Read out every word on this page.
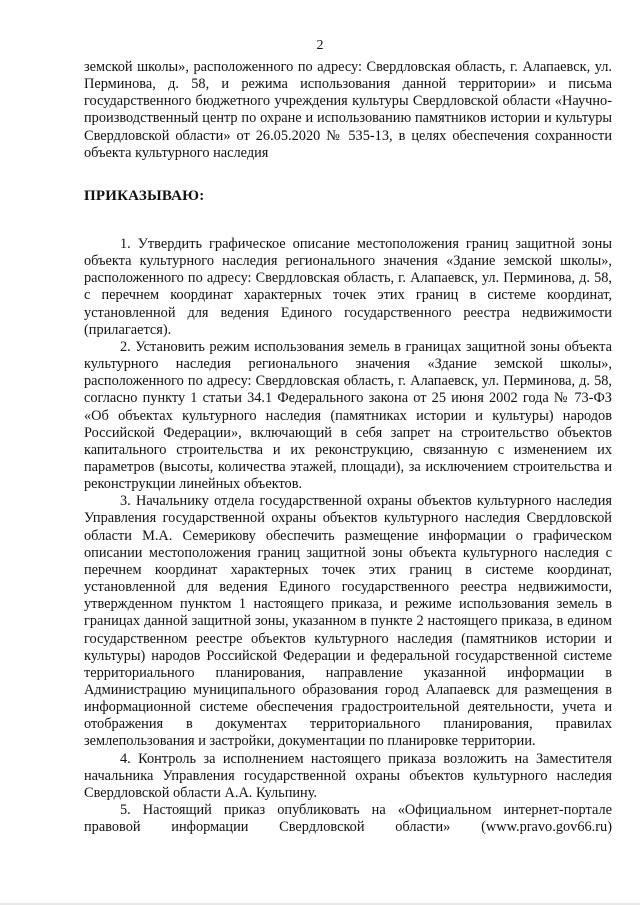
2

земской школы», расположенного по адресу: Свердловская область, г. Алапаевск, ул. Перминова, д. 58, и режима использования данной территории» и письма государственного бюджетного учреждения культуры Свердловской области «Научно-производственный центр по охране и использованию памятников истории и культуры Свердловской области» от 26.05.2020 № 535-13, в целях обеспечения сохранности объекта культурного наследия

ПРИКАЗЫВАЮ:

1. Утвердить графическое описание местоположения границ защитной зоны объекта культурного наследия регионального значения «Здание земской школы», расположенного по адресу: Свердловская область, г. Алапаевск, ул. Перминова, д. 58, с перечнем координат характерных точек этих границ в системе координат, установленной для ведения Единого государственного реестра недвижимости (прилагается).

2. Установить режим использования земель в границах защитной зоны объекта культурного наследия регионального значения «Здание земской школы», расположенного по адресу: Свердловская область, г. Алапаевск, ул. Перминова, д. 58, согласно пункту 1 статьи 34.1 Федерального закона от 25 июня 2002 года № 73-ФЗ «Об объектах культурного наследия (памятниках истории и культуры) народов Российской Федерации», включающий в себя запрет на строительство объектов капитального строительства и их реконструкцию, связанную с изменением их параметров (высоты, количества этажей, площади), за исключением строительства и реконструкции линейных объектов.

3. Начальнику отдела государственной охраны объектов культурного наследия Управления государственной охраны объектов культурного наследия Свердловской области М.А. Семерикову обеспечить размещение информации о графическом описании местоположения границ защитной зоны объекта культурного наследия с перечнем координат характерных точек этих границ в системе координат, установленной для ведения Единого государственного реестра недвижимости, утвержденном пунктом 1 настоящего приказа, и режиме использования земель в границах данной защитной зоны, указанном в пункте 2 настоящего приказа, в едином государственном реестре объектов культурного наследия (памятников истории и культуры) народов Российской Федерации и федеральной государственной системе территориального планирования, направление указанной информации в Администрацию муниципального образования город Алапаевск для размещения в информационной системе обеспечения градостроительной деятельности, учета и отображения в документах территориального планирования, правилах землепользования и застройки, документации по планировке территории.

4. Контроль за исполнением настоящего приказа возложить на Заместителя начальника Управления государственной охраны объектов культурного наследия Свердловской области А.А. Кульпину.

5. Настоящий приказ опубликовать на «Официальном интернет-портале правовой информации Свердловской области» (www.pravo.gov66.ru)
